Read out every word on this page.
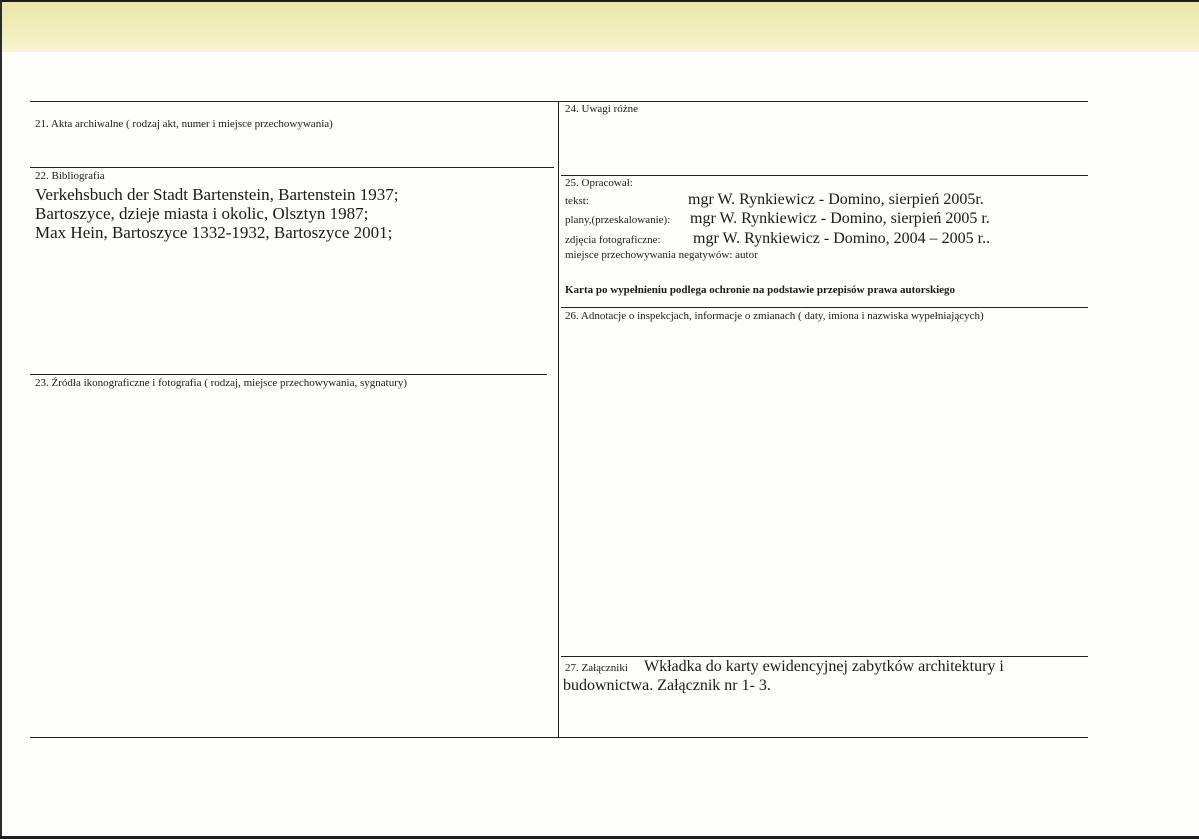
21. Akta archiwalne ( rodzaj akt, numer i miejsce przechowywania)
22. Bibliografia
Verkehsbuch der Stadt Bartenstein, Bartenstein 1937;
Bartoszyce, dzieje miasta i okolic, Olsztyn 1987;
Max Hein, Bartoszyce 1332-1932, Bartoszyce 2001;
23. Źródła ikonograficzne i fotografia ( rodzaj, miejsce przechowywania, sygnatury)
24. Uwagi różne
25. Opracował:
tekst:	mgr W. Rynkiewicz - Domino, sierpień 2005r.
plany,(przeskalowanie): mgr W. Rynkiewicz - Domino, sierpień 2005 r.
zdjęcia fotograficzne: mgr W. Rynkiewicz - Domino, 2004 – 2005 r..
miejsce przechowywania negatywów: autor
Karta po wypełnieniu podlega ochronie na podstawie przepisów prawa autorskiego
26. Adnotacje o inspekcjach, informacje o zmianach ( daty, imiona i nazwiska wypełniających)
27. Załączniki Wkładka do karty ewidencyjnej zabytków architektury i
budownictwa. Załącznik nr 1- 3.
